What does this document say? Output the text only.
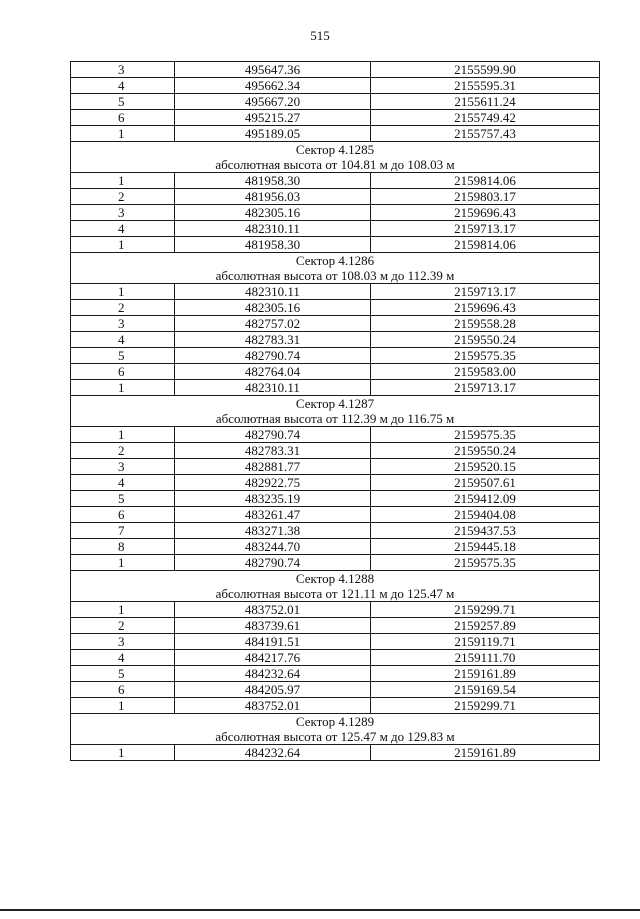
515
3	495647.36	2155599.90
4	495662.34	2155595.31
5	495667.20	2155611.24
6	495215.27	2155749.42
1	495189.05	2155757.43
Сектор 4.1285		
абсолютная высота от 104.81 м до 108.03 м		
1	481958.30	2159814.06
2	481956.03	2159803.17
3	482305.16	2159696.43
4	482310.11	2159713.17
1	481958.30	2159814.06
Сектор 4.1286		
абсолютная высота от 108.03 м до 112.39 м		
1	482310.11	2159713.17
2	482305.16	2159696.43
3	482757.02	2159558.28
4	482783.31	2159550.24
5	482790.74	2159575.35
6	482764.04	2159583.00
1	482310.11	2159713.17
Сектор 4.1287		
абсолютная высота от 112.39 м до 116.75 м		
1	482790.74	2159575.35
2	482783.31	2159550.24
3	482881.77	2159520.15
4	482922.75	2159507.61
5	483235.19	2159412.09
6	483261.47	2159404.08
7	483271.38	2159437.53
8	483244.70	2159445.18
1	482790.74	2159575.35
Сектор 4.1288		
абсолютная высота от 121.11 м до 125.47 м		
1	483752.01	2159299.71
2	483739.61	2159257.89
3	484191.51	2159119.71
4	484217.76	2159111.70
5	484232.64	2159161.89
6	484205.97	2159169.54
1	483752.01	2159299.71
Сектор 4.1289		
абсолютная высота от 125.47 м до 129.83 м		
1	484232.64	2159161.89
